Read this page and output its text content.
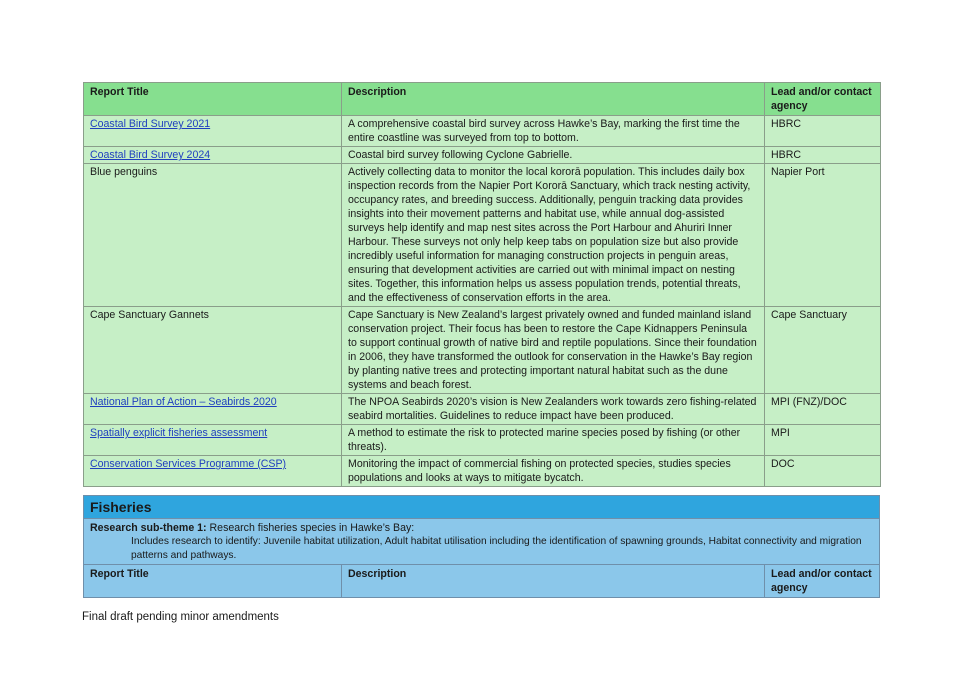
Report Title	Description	Lead and/or contact agency
Coastal Bird Survey 2021	A comprehensive coastal bird survey across Hawke’s Bay, marking the first time the entire coastline was surveyed from top to bottom.	HBRC
Coastal Bird Survey 2024	Coastal bird survey following Cyclone Gabrielle.	HBRC
Blue penguins	Actively collecting data to monitor the local kororā population. This includes daily box inspection records from the Napier Port Kororā Sanctuary, which track nesting activity, occupancy rates, and breeding success. Additionally, penguin tracking data provides insights into their movement patterns and habitat use, while annual dog-assisted surveys help identify and map nest sites across the Port Harbour and Ahuriri Inner Harbour. These surveys not only help keep tabs on population size but also provide incredibly useful information for managing construction projects in penguin areas, ensuring that development activities are carried out with minimal impact on nesting sites. Together, this information helps us assess population trends, potential threats, and the effectiveness of conservation efforts in the area.	Napier Port
Cape Sanctuary Gannets	Cape Sanctuary is New Zealand’s largest privately owned and funded mainland island conservation project. Their focus has been to restore the Cape Kidnappers Peninsula to support continual growth of native bird and reptile populations. Since their foundation in 2006, they have transformed the outlook for conservation in the Hawke’s Bay region by planting native trees and protecting important natural habitat such as the dune systems and beach forest.	Cape Sanctuary
National Plan of Action – Seabirds 2020	The NPOA Seabirds 2020’s vision is New Zealanders work towards zero fishing-related seabird mortalities. Guidelines to reduce impact have been produced.	MPI (FNZ)/DOC
Spatially explicit fisheries assessment	A method to estimate the risk to protected marine species posed by fishing (or other threats).	MPI
Conservation Services Programme (CSP)	Monitoring the impact of commercial fishing on protected species, studies species populations and looks at ways to mitigate bycatch.	DOC
Fisheries
Research sub-theme 1: Research fisheries species in Hawke’s Bay:
Includes research to identify: Juvenile habitat utilization, Adult habitat utilisation including the identification of spawning grounds, Habitat connectivity and migration patterns and pathways.
Report Title	Description	Lead and/or contact agency
Final draft pending minor amendments
